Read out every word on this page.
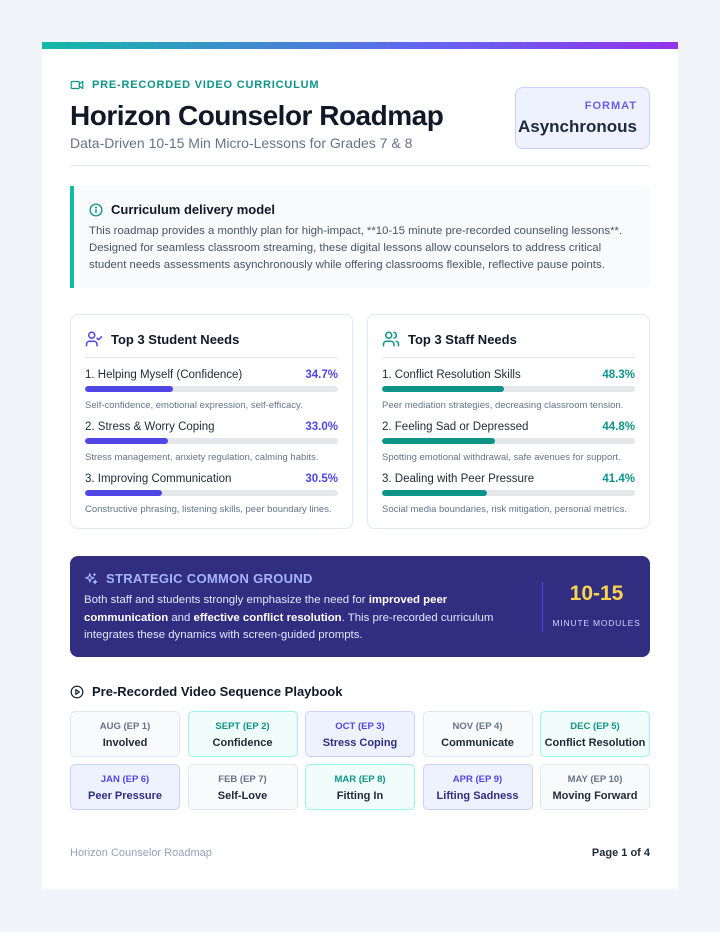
PRE-RECORDED VIDEO CURRICULUM
Horizon Counselor Roadmap
Data-Driven 10-15 Min Micro-Lessons for Grades 7 & 8
FORMAT
Asynchronous
Curriculum delivery model
This roadmap provides a monthly plan for high-impact, **10-15 minute pre-recorded counseling lessons**. Designed for seamless classroom streaming, these digital lessons allow counselors to address critical student needs assessments asynchronously while offering classrooms flexible, reflective pause points.
Top 3 Student Needs
1. Helping Myself (Confidence)	34.7%
Self-confidence, emotional expression, self-efficacy.
2. Stress & Worry Coping	33.0%
Stress management, anxiety regulation, calming habits.
3. Improving Communication	30.5%
Constructive phrasing, listening skills, peer boundary lines.
Top 3 Staff Needs
1. Conflict Resolution Skills	48.3%
Peer mediation strategies, decreasing classroom tension.
2. Feeling Sad or Depressed	44.8%
Spotting emotional withdrawal, safe avenues for support.
3. Dealing with Peer Pressure	41.4%
Social media boundaries, risk mitigation, personal metrics.
STRATEGIC COMMON GROUND
Both staff and students strongly emphasize the need for improved peer communication and effective conflict resolution. This pre-recorded curriculum integrates these dynamics with screen-guided prompts.
10-15
MINUTE MODULES
Pre-Recorded Video Sequence Playbook
AUG (EP 1)
Involved
SEPT (EP 2)
Confidence
OCT (EP 3)
Stress Coping
NOV (EP 4)
Communicate
DEC (EP 5)
Conflict Resolution
JAN (EP 6)
Peer Pressure
FEB (EP 7)
Self-Love
MAR (EP 8)
Fitting In
APR (EP 9)
Lifting Sadness
MAY (EP 10)
Moving Forward
Horizon Counselor Roadmap	Page 1 of 4
